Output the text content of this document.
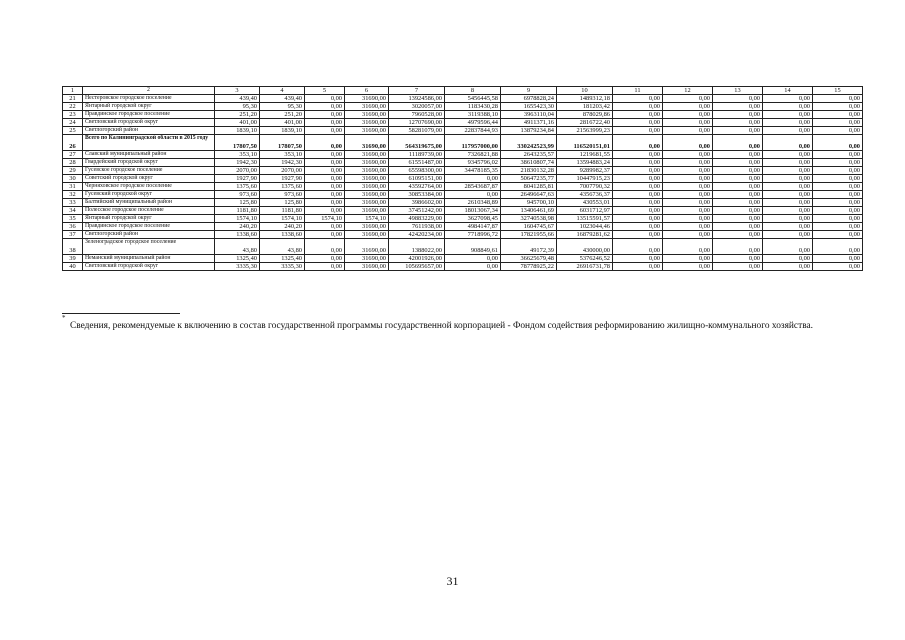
1	2	3	4	5	6	7	8	9	10	11	12	13	14	15
21	Нестеровское городское поселение	439,40	439,40	0,00	31690,00	13924586,00	5456445,58	6978828,24	1489312,18	0,00	0,00	0,00	0,00	0,00
22	Янтарный городской округ	95,30	95,30	0,00	31690,00	3020057,00	1183430,28	1655423,30	181203,42	0,00	0,00	0,00	0,00	0,00
23	Правдинское городское поселение	251,20	251,20	0,00	31690,00	7960528,00	3119388,10	3963110,04	878029,86	0,00	0,00	0,00	0,00	0,00
24	Светловский городской округ	401,00	401,00	0,00	31690,00	12707690,00	4979596,44	4911371,16	2816722,40	0,00	0,00	0,00	0,00	0,00
25	Светлогорский район	1839,10	1839,10	0,00	31690,00	58281079,00	22837844,93	13879234,84	21563999,23	0,00	0,00	0,00	0,00	0,00
26	Всего по Калининградской области в 2015 году	17807,50	17807,50	0,00	31690,00	564319675,00	117957000,00	330242523,99	116520151,01	0,00	0,00	0,00	0,00	0,00
27	Славский муниципальный район	353,10	353,10	0,00	31690,00	11189739,00	7326821,88	2643235,57	1219681,55	0,00	0,00	0,00	0,00	0,00
28	Гвардейский городской округ	1942,30	1942,30	0,00	31690,00	61551487,00	9345796,02	38610807,74	13594883,24	0,00	0,00	0,00	0,00	0,00
29	Гусевское городское поселение	2070,00	2070,00	0,00	31690,00	65598300,00	34478185,35	21830132,28	9289982,37	0,00	0,00	0,00	0,00	0,00
30	Советский городской округ	1927,90	1927,90	0,00	31690,00	61095151,00	0,00	50647235,77	10447915,23	0,00	0,00	0,00	0,00	0,00
31	Черняховское городское поселение	1375,60	1375,60	0,00	31690,00	43592764,00	28543687,87	8041285,81	7007790,32	0,00	0,00	0,00	0,00	0,00
32	Гусевский городской округ	973,60	973,60	0,00	31690,00	30853384,00	0,00	26496647,63	4356736,37	0,00	0,00	0,00	0,00	0,00
33	Балтийский муниципальный район	125,80	125,80	0,00	31690,00	3986602,00	2610348,89	945700,10	430553,01	0,00	0,00	0,00	0,00	0,00
34	Полесское городское поселение	1181,80	1181,80	0,00	31690,00	37451242,00	18013067,34	13406461,69	6031712,97	0,00	0,00	0,00	0,00	0,00
35	Янтарный городской округ	1574,10	1574,10	1574,10	1574,10	49883229,00	3627098,45	32740538,98	13515591,57	0,00	0,00	0,00	0,00	0,00
36	Правдинское городское поселение	240,20	240,20	0,00	31690,00	7611938,00	4984147,87	1604745,67	1023044,46	0,00	0,00	0,00	0,00	0,00
37	Светлогорский район	1338,60	1338,60	0,00	31690,00	42420234,00	7718996,72	17821955,66	16879281,62	0,00	0,00	0,00	0,00	0,00
38	Зеленоградское городское поселение	43,80	43,80	0,00	31690,00	1388022,00	908849,61	49172,39	430000,00	0,00	0,00	0,00	0,00	0,00
39	Неманский муниципальный район	1325,40	1325,40	0,00	31690,00	42001926,00	0,00	36625679,48	5376246,52	0,00	0,00	0,00	0,00	0,00
40	Светловский городской округ	3335,30	3335,30	0,00	31690,00	105695657,00	0,00	78778925,22	26916731,78	0,00	0,00	0,00	0,00	0,00
*
Сведения, рекомендуемые к включению в состав государственной программы государственной корпорацией - Фондом содействия реформированию жилищно-коммунального хозяйства.
31
